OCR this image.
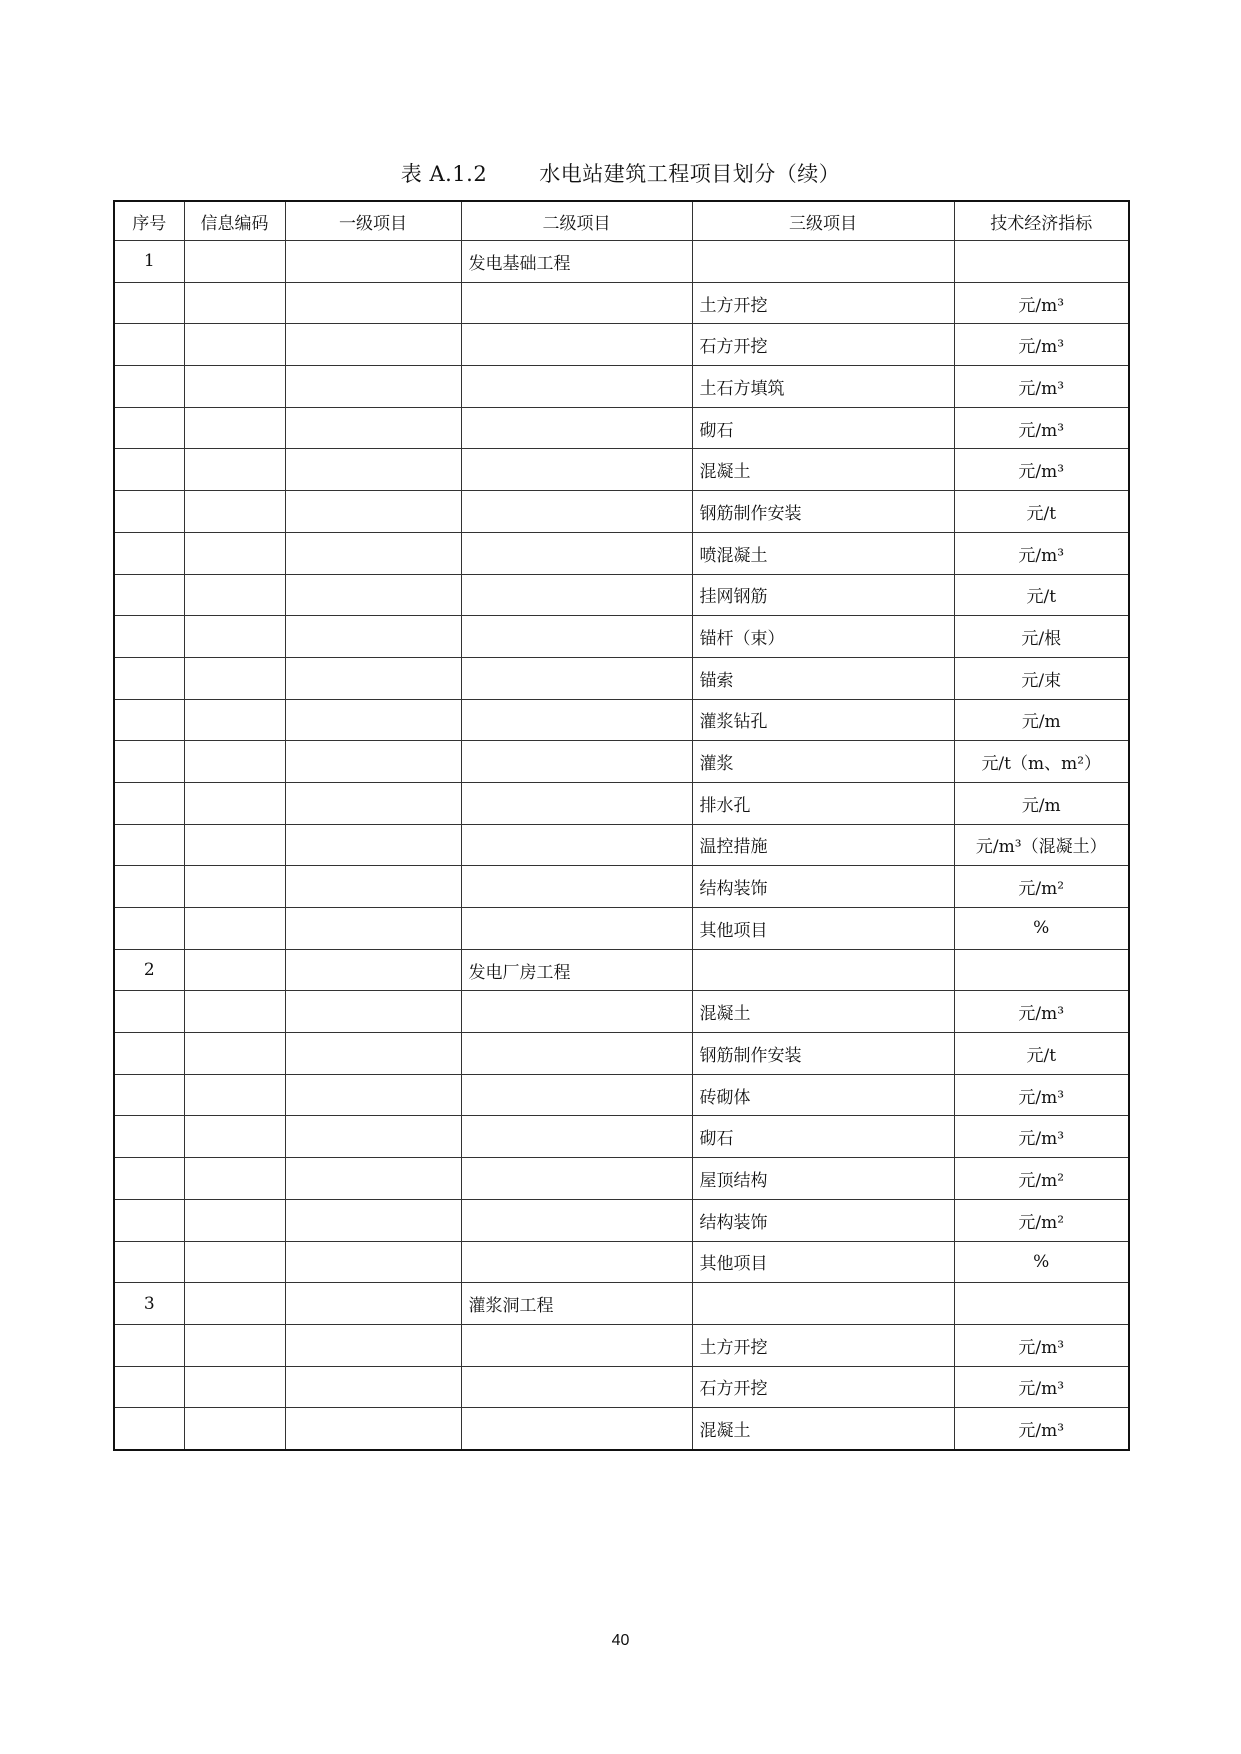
表 A.1.2 水电站建筑工程项目划分（续）
序号	信息编码	一级项目	二级项目	三级项目	技术经济指标
1			发电基础工程		
				土方开挖	元/m³
				石方开挖	元/m³
				土石方填筑	元/m³
				砌石	元/m³
				混凝土	元/m³
				钢筋制作安装	元/t
				喷混凝土	元/m³
				挂网钢筋	元/t
				锚杆（束）	元/根
				锚索	元/束
				灌浆钻孔	元/m
				灌浆	元/t（m、m²）
				排水孔	元/m
				温控措施	元/m³（混凝土）
				结构装饰	元/m²
				其他项目	%
2			发电厂房工程		
				混凝土	元/m³
				钢筋制作安装	元/t
				砖砌体	元/m³
				砌石	元/m³
				屋顶结构	元/m²
				结构装饰	元/m²
				其他项目	%
3			灌浆洞工程		
				土方开挖	元/m³
				石方开挖	元/m³
				混凝土	元/m³
40
